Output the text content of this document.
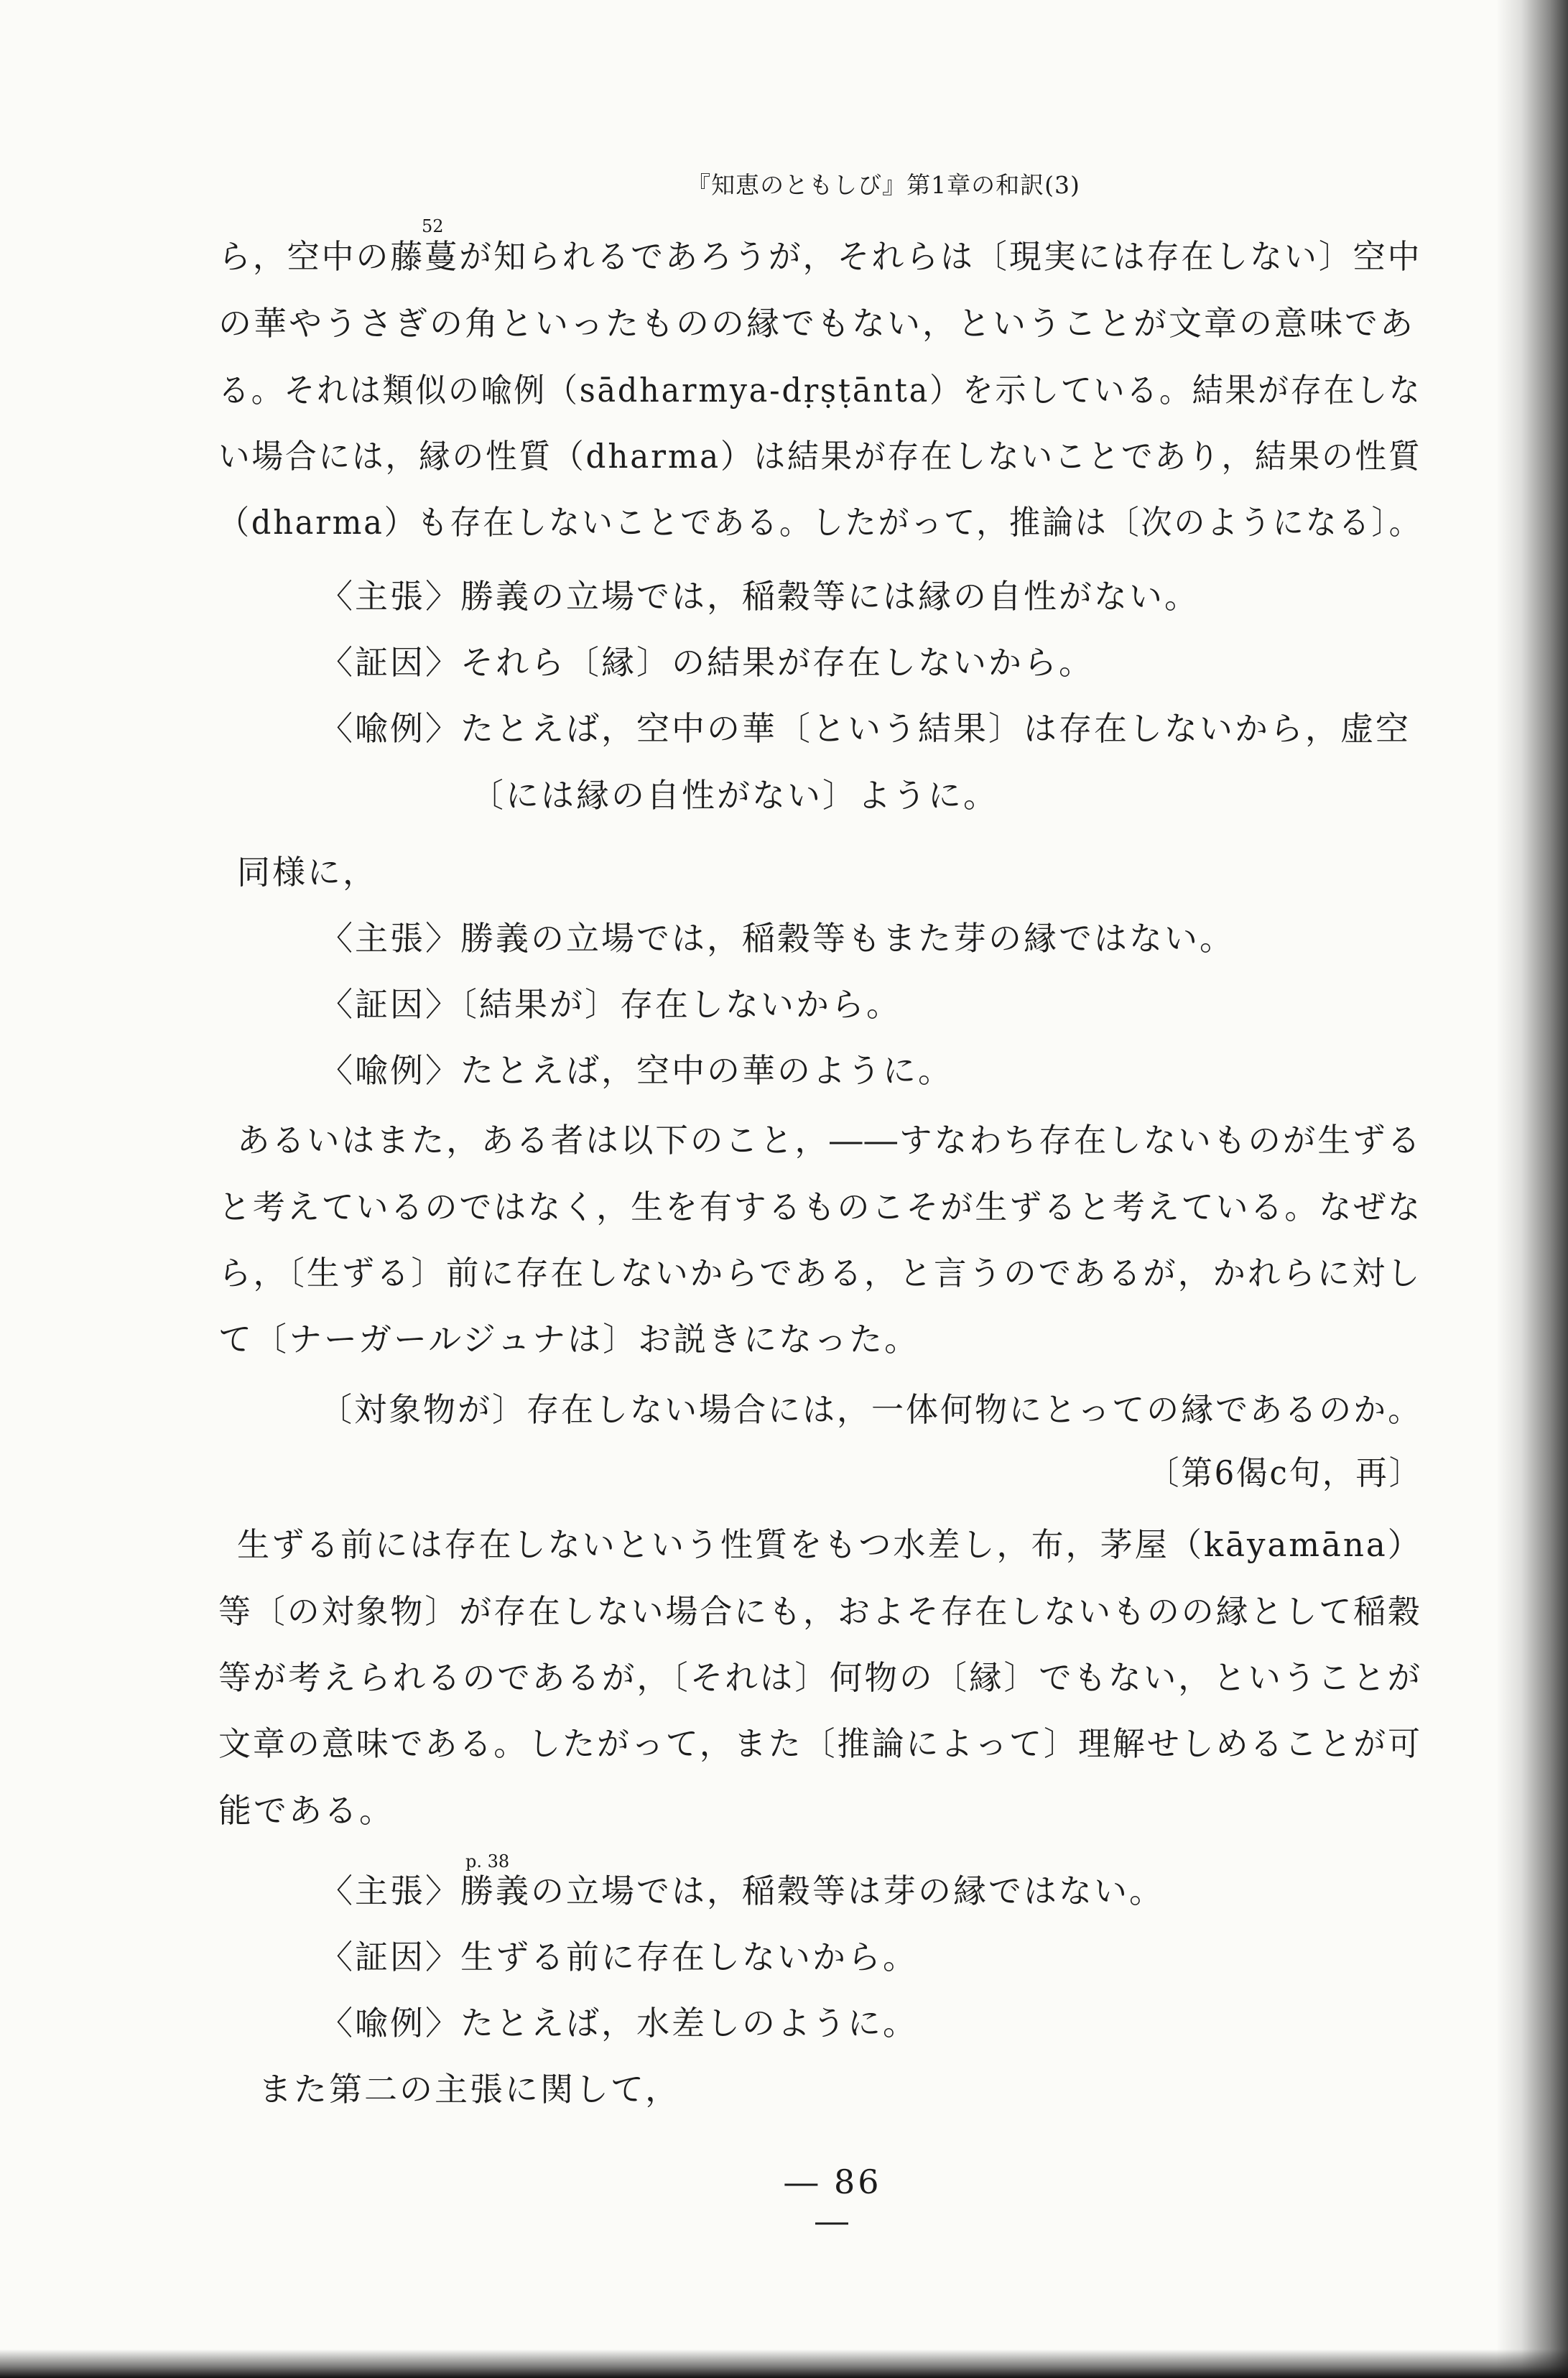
『知恵のともしび』第1章の和訳(3)
52
p. 38
ら，空中の藤蔓が知られるであろうが，それらは〔現実には存在しない〕空中
の華やうさぎの角といったものの縁でもない，ということが文章の意味であ
る。それは類似の喩例（sādharmya-dṛṣṭānta）を示している。結果が存在しな
い場合には，縁の性質（dharma）は結果が存在しないことであり，結果の性質
（dharma）も存在しないことである。したがって，推論は〔次のようになる〕。
〈主張〉勝義の立場では，稲穀等には縁の自性がない。
〈証因〉それら〔縁〕の結果が存在しないから。
〈喩例〉たとえば，空中の華〔という結果〕は存在しないから，虚空
〔には縁の自性がない〕ように。
同様に，
〈主張〉勝義の立場では，稲穀等もまた芽の縁ではない。
〈証因〉〔結果が〕存在しないから。
〈喩例〉たとえば，空中の華のように。
あるいはまた，ある者は以下のこと，――すなわち存在しないものが生ずる
と考えているのではなく，生を有するものこそが生ずると考えている。なぜな
ら，〔生ずる〕前に存在しないからである，と言うのであるが，かれらに対し
て〔ナーガールジュナは〕お説きになった。
〔対象物が〕存在しない場合には，一体何物にとっての縁であるのか。
〔第6偈c句，再〕
生ずる前には存在しないという性質をもつ水差し，布，茅屋（kāyamāna）
等〔の対象物〕が存在しない場合にも，およそ存在しないものの縁として稲穀
等が考えられるのであるが，〔それは〕何物の〔縁〕でもない，ということが
文章の意味である。したがって，また〔推論によって〕理解せしめることが可
能である。
〈主張〉勝義の立場では，稲穀等は芽の縁ではない。
〈証因〉生ずる前に存在しないから。
〈喩例〉たとえば，水差しのように。
また第二の主張に関して，
― 86 ―
